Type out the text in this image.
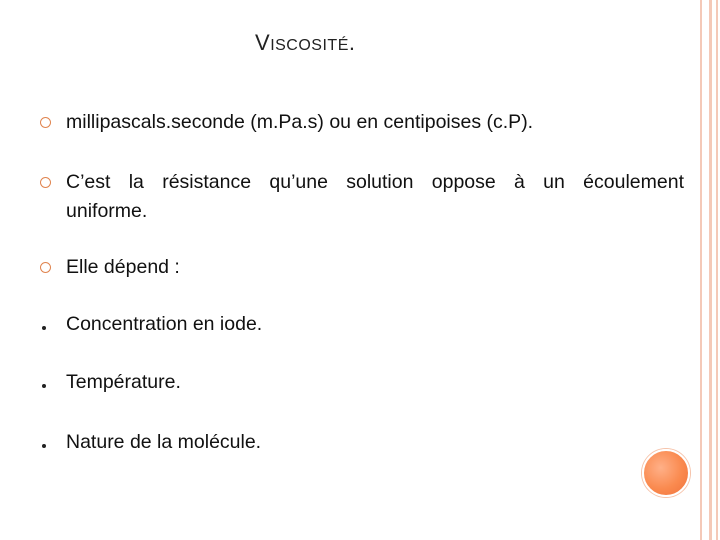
VISCOSITÉ.
millipascals.seconde (m.Pa.s) ou en centipoises (c.P).
C’est la résistance qu’une solution oppose à un écoulement
uniforme.
Elle dépend :
Concentration en iode.
Température.
Nature de la molécule.
